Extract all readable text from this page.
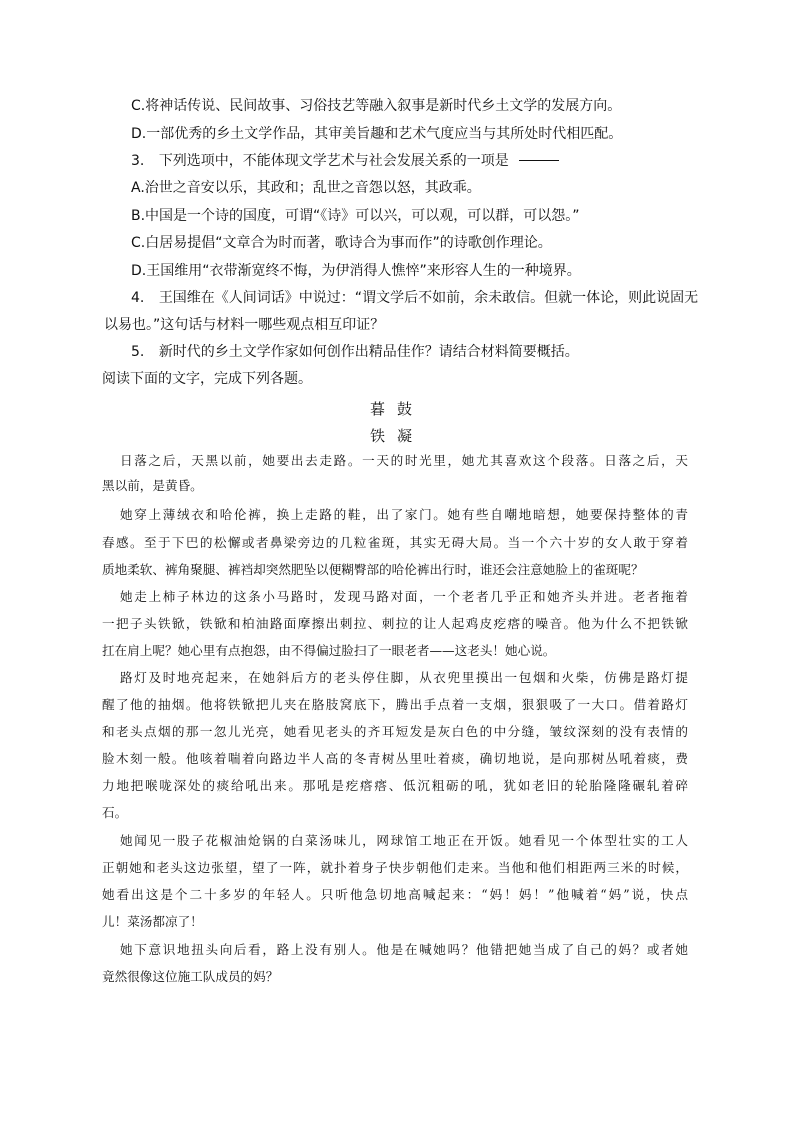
C.将神话传说、民间故事、习俗技艺等融入叙事是新时代乡土文学的发展方向。
D.一部优秀的乡土文学作品，其审美旨趣和艺术气度应当与其所处时代相匹配。
3. 下列选项中，不能体现文学艺术与社会发展关系的一项是
A.治世之音安以乐，其政和；乱世之音怨以怒，其政乖。
B.中国是一个诗的国度，可谓“《诗》可以兴，可以观，可以群，可以怨。”
C.白居易提倡“文章合为时而著，歌诗合为事而作”的诗歌创作理论。
D.王国维用“衣带渐宽终不悔，为伊消得人憔悴”来形容人生的一种境界。
4. 王国维在《人间词话》中说过：“谓文学后不如前，余未敢信。但就一体论，则此说固无
以易也。”这句话与材料一哪些观点相互印证？
5. 新时代的乡土文学作家如何创作出精品佳作？请结合材料简要概括。
阅读下面的文字，完成下列各题。
暮鼓
铁凝
日落之后，天黑以前，她要出去走路。一天的时光里，她尤其喜欢这个段落。日落之后，天
黑以前，是黄昏。
她穿上薄绒衣和哈伦裤，换上走路的鞋，出了家门。她有些自嘲地暗想，她要保持整体的青
春感。至于下巴的松懈或者鼻梁旁边的几粒雀斑，其实无碍大局。当一个六十岁的女人敢于穿着
质地柔软、裤角聚腿、裤裆却突然肥坠以便糊臀部的哈伦裤出行时，谁还会注意她脸上的雀斑呢？
她走上柿子林边的这条小马路时，发现马路对面，一个老者几乎正和她齐头并进。老者拖着
一把子头铁锨，铁锨和柏油路面摩擦出刺拉、刺拉的让人起鸡皮疙瘩的噪音。他为什么不把铁锨
扛在肩上呢？她心里有点抱怨，由不得偏过脸扫了一眼老者——这老头！她心说。
路灯及时地亮起来，在她斜后方的老头停住脚，从衣兜里摸出一包烟和火柴，仿佛是路灯提
醒了他的抽烟。他将铁锨把儿夹在胳肢窝底下，腾出手点着一支烟，狠狠吸了一大口。借着路灯
和老头点烟的那一忽儿光亮，她看见老头的齐耳短发是灰白色的中分缝，皱纹深刻的没有表情的
脸木刻一般。他咳着喘着向路边半人高的冬青树丛里吐着痰，确切地说，是向那树丛吼着痰，费
力地把喉咙深处的痰给吼出来。那吼是疙瘩瘩、低沉粗砺的吼，犹如老旧的轮胎隆隆碾轧着碎
石。
她闻见一股子花椒油炝锅的白菜汤味儿，网球馆工地正在开饭。她看见一个体型壮实的工人
正朝她和老头这边张望，望了一阵，就扑着身子快步朝他们走来。当他和他们相距两三米的时候，
她看出这是个二十多岁的年轻人。只听他急切地高喊起来：“妈！妈！”他喊着“妈”说，快点
儿！菜汤都凉了！
她下意识地扭头向后看，路上没有别人。他是在喊她吗？他错把她当成了自己的妈？或者她
竟然很像这位施工队成员的妈？
